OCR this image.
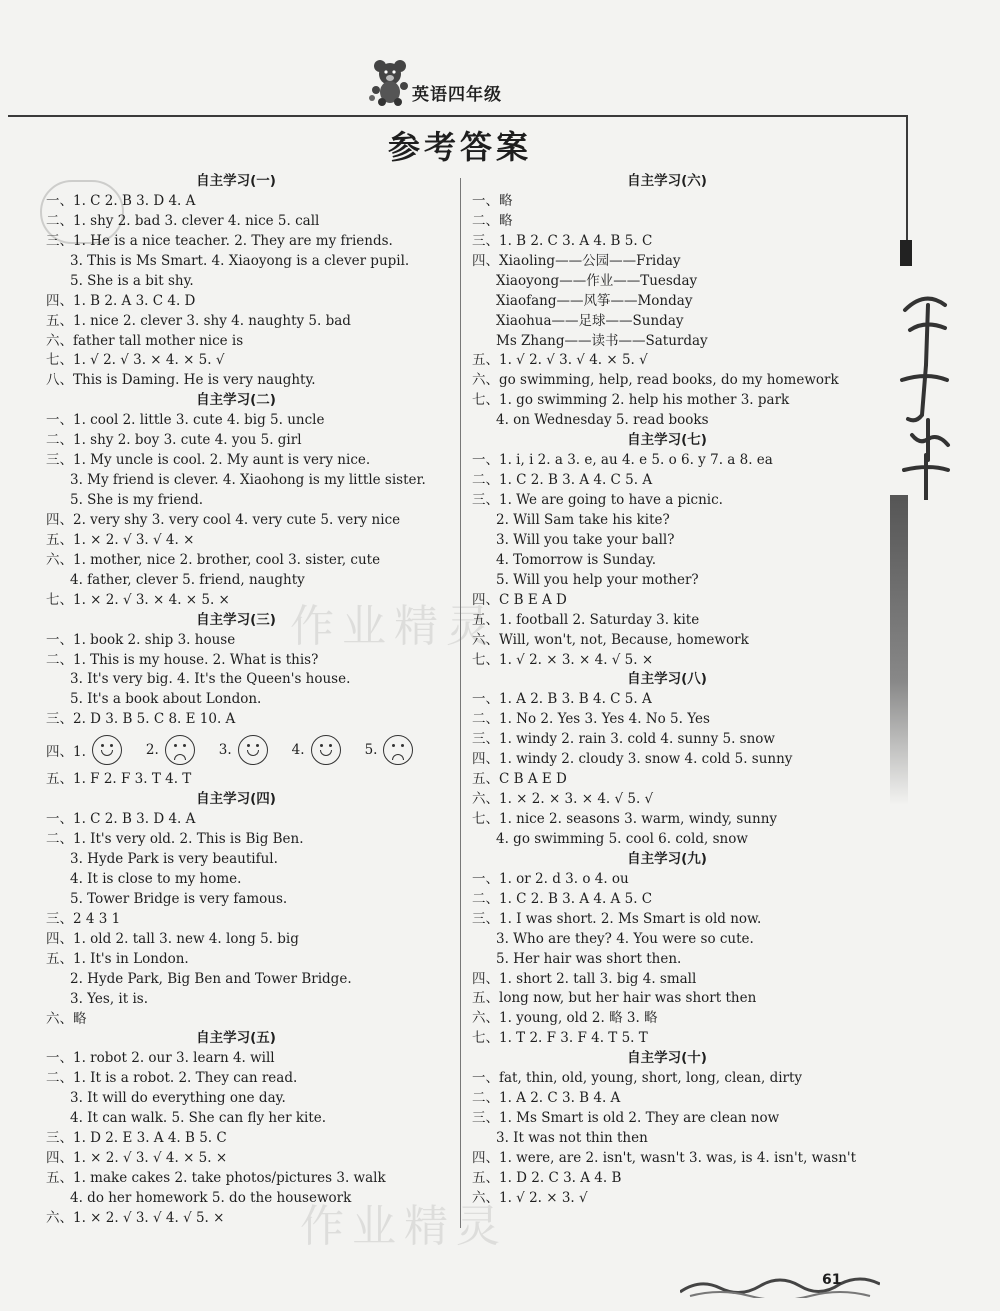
英语四年级
参考答案
自主学习(一)
一、1. C 2. B 3. D 4. A
二、1. shy 2. bad 3. clever 4. nice 5. call
三、1. He is a nice teacher. 2. They are my friends.
3. This is Ms Smart. 4. Xiaoyong is a clever pupil.
5. She is a bit shy.
四、1. B 2. A 3. C 4. D
五、1. nice 2. clever 3. shy 4. naughty 5. bad
六、father tall mother nice is
七、1. √ 2. √ 3. × 4. × 5. √
八、This is Daming. He is very naughty.
自主学习(二)
一、1. cool 2. little 3. cute 4. big 5. uncle
二、1. shy 2. boy 3. cute 4. you 5. girl
三、1. My uncle is cool. 2. My aunt is very nice.
3. My friend is clever. 4. Xiaohong is my little sister.
5. She is my friend.
四、2. very shy 3. very cool 4. very cute 5. very nice
五、1. × 2. √ 3. √ 4. ×
六、1. mother, nice 2. brother, cool 3. sister, cute
4. father, clever 5. friend, naughty
七、1. × 2. √ 3. × 4. × 5. ×
自主学习(三)
一、1. book 2. ship 3. house
二、1. This is my house. 2. What is this?
3. It's very big. 4. It's the Queen's house.
5. It's a book about London.
三、2. D 3. B 5. C 8. E 10. A
四、1.	2.	3.	4.	5.
五、1. F 2. F 3. T 4. T
自主学习(四)
一、1. C 2. B 3. D 4. A
二、1. It's very old. 2. This is Big Ben.
3. Hyde Park is very beautiful.
4. It is close to my home.
5. Tower Bridge is very famous.
三、2 4 3 1
四、1. old 2. tall 3. new 4. long 5. big
五、1. It's in London.
2. Hyde Park, Big Ben and Tower Bridge.
3. Yes, it is.
六、略
自主学习(五)
一、1. robot 2. our 3. learn 4. will
二、1. It is a robot. 2. They can read.
3. It will do everything one day.
4. It can walk. 5. She can fly her kite.
三、1. D 2. E 3. A 4. B 5. C
四、1. × 2. √ 3. √ 4. × 5. ×
五、1. make cakes 2. take photos/pictures 3. walk
4. do her homework 5. do the housework
六、1. × 2. √ 3. √ 4. √ 5. ×
自主学习(六)
一、略
二、略
三、1. B 2. C 3. A 4. B 5. C
四、Xiaoling——公园——Friday
Xiaoyong——作业——Tuesday
Xiaofang——风筝——Monday
Xiaohua——足球——Sunday
Ms Zhang——读书——Saturday
五、1. √ 2. √ 3. √ 4. × 5. √
六、go swimming, help, read books, do my homework
七、1. go swimming 2. help his mother 3. park
4. on Wednesday 5. read books
自主学习(七)
一、1. i, i 2. a 3. e, au 4. e 5. o 6. y 7. a 8. ea
二、1. C 2. B 3. A 4. C 5. A
三、1. We are going to have a picnic.
2. Will Sam take his kite?
3. Will you take your ball?
4. Tomorrow is Sunday.
5. Will you help your mother?
四、C B E A D
五、1. football 2. Saturday 3. kite
六、Will, won't, not, Because, homework
七、1. √ 2. × 3. × 4. √ 5. ×
自主学习(八)
一、1. A 2. B 3. B 4. C 5. A
二、1. No 2. Yes 3. Yes 4. No 5. Yes
三、1. windy 2. rain 3. cold 4. sunny 5. snow
四、1. windy 2. cloudy 3. snow 4. cold 5. sunny
五、C B A E D
六、1. × 2. × 3. × 4. √ 5. √
七、1. nice 2. seasons 3. warm, windy, sunny
4. go swimming 5. cool 6. cold, snow
自主学习(九)
一、1. or 2. d 3. o 4. ou
二、1. C 2. B 3. A 4. A 5. C
三、1. I was short. 2. Ms Smart is old now.
3. Who are they? 4. You were so cute.
5. Her hair was short then.
四、1. short 2. tall 3. big 4. small
五、long now, but her hair was short then
六、1. young, old 2. 略 3. 略
七、1. T 2. F 3. F 4. T 5. T
自主学习(十)
一、fat, thin, old, young, short, long, clean, dirty
二、1. A 2. C 3. B 4. A
三、1. Ms Smart is old 2. They are clean now
3. It was not thin then
四、1. were, are 2. isn't, wasn't 3. was, is 4. isn't, wasn't
五、1. D 2. C 3. A 4. B
六、1. √ 2. × 3. √
作业精灵
作业精灵
61
